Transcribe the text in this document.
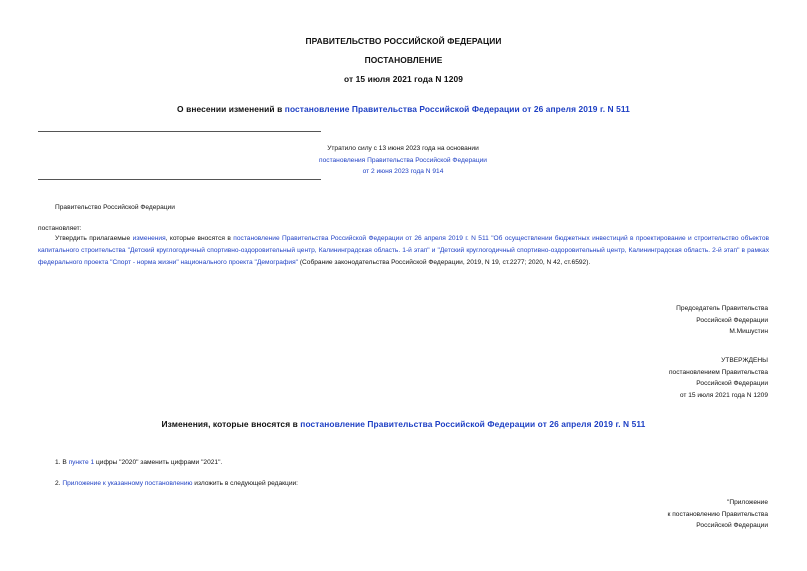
ПРАВИТЕЛЬСТВО РОССИЙСКОЙ ФЕДЕРАЦИИ
ПОСТАНОВЛЕНИЕ
от 15 июля 2021 года N 1209
О внесении изменений в постановление Правительства Российской Федерации от 26 апреля 2019 г. N 511
Утратило силу с 13 июня 2023 года на основании
постановления Правительства Российской Федерации
от 2 июня 2023 года N 914
Правительство Российской Федерации
постановляет:
Утвердить прилагаемые изменения, которые вносятся в постановление Правительства Российской Федерации от 26 апреля 2019 г. N 511 "Об осуществлении бюджетных инвестиций в проектирование и строительство объектов капитального строительства "Детский круглогодичный спортивно-оздоровительный центр, Калининградская область. 1-й этап" и "Детский круглогодичный спортивно-оздоровительный центр, Калининградская область. 2-й этап" в рамках федерального проекта "Спорт - норма жизни" национального проекта "Демография" (Собрание законодательства Российской Федерации, 2019, N 19, ст.2277; 2020, N 42, ст.6592).
Председатель Правительства
Российской Федерации
М.Мишустин
УТВЕРЖДЕНЫ
постановлением Правительства
Российской Федерации
от 15 июля 2021 года N 1209
Изменения, которые вносятся в постановление Правительства Российской Федерации от 26 апреля 2019 г. N 511
1. В пункте 1 цифры "2020" заменить цифрами "2021".
2. Приложение к указанному постановлению изложить в следующей редакции:
"Приложение
к постановлению Правительства
Российской Федерации
